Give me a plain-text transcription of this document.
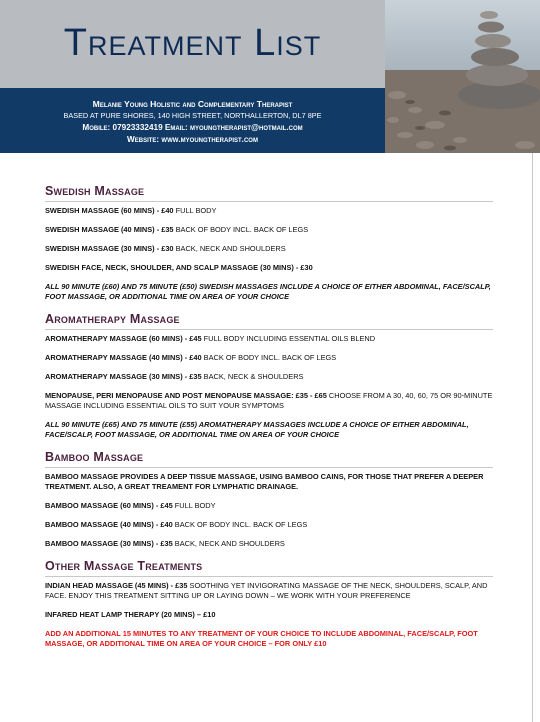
Treatment List
Melanie Young Holistic and Complementary Therapist
BASED AT PURE SHORES, 140 HIGH STREET, NORTHALLERTON, DL7 8PE
Mobile: 07923332419 Email: myoungtherapist@hotmail.com
Website: www.myoungtherapist.com
Swedish Massage

SWEDISH MASSAGE (60 MINS) - £40 FULL BODY

SWEDISH MASSAGE (40 MINS) - £35 BACK OF BODY INCL. BACK OF LEGS

SWEDISH MASSAGE (30 MINS) - £30 BACK, NECK AND SHOULDERS

SWEDISH FACE, NECK, SHOULDER, AND SCALP MASSAGE (30 MINS) - £30

ALL 90 MINUTE (£60) AND 75 MINUTE (£50) SWEDISH MASSAGES INCLUDE A CHOICE OF EITHER ABDOMINAL, FACE/SCALP, FOOT MASSAGE, OR ADDITIONAL TIME ON AREA OF YOUR CHOICE

Aromatherapy Massage

AROMATHERAPY MASSAGE (60 MINS) - £45 FULL BODY INCLUDING ESSENTIAL OILS BLEND

AROMATHERAPY MASSAGE (40 MINS) - £40 BACK OF BODY INCL. BACK OF LEGS

AROMATHERAPY MASSAGE (30 MINS) - £35 BACK, NECK & SHOULDERS

MENOPAUSE, PERI MENOPAUSE AND POST MENOPAUSE MASSAGE: £35 - £65 CHOOSE FROM A 30, 40, 60, 75 OR 90-MINUTE MASSAGE INCLUDING ESSENTIAL OILS TO SUIT YOUR SYMPTOMS

ALL 90 MINUTE (£65) AND 75 MINUTE (£55) AROMATHERAPY MASSAGES INCLUDE A CHOICE OF EITHER ABDOMINAL, FACE/SCALP, FOOT MASSAGE, OR ADDITIONAL TIME ON AREA OF YOUR CHOICE

Bamboo Massage

BAMBOO MASSAGE PROVIDES A DEEP TISSUE MASSAGE, USING BAMBOO CAINS, FOR THOSE THAT PREFER A DEEPER TREATMENT. ALSO, A GREAT TREAMENT FOR LYMPHATIC DRAINAGE.

BAMBOO MASSAGE (60 MINS) - £45 FULL BODY

BAMBOO MASSAGE (40 MINS) - £40 BACK OF BODY INCL. BACK OF LEGS

BAMBOO MASSAGE (30 MINS) - £35 BACK, NECK AND SHOULDERS

Other Massage Treatments

INDIAN HEAD MASSAGE (45 MINS) - £35 SOOTHING YET INVIGORATING MASSAGE OF THE NECK, SHOULDERS, SCALP, AND FACE. ENJOY THIS TREATMENT SITTING UP OR LAYING DOWN – WE WORK WITH YOUR PREFERENCE

INFARED HEAT LAMP THERAPY (20 MINS) – £10

ADD AN ADDITIONAL 15 MINUTES TO ANY TREATMENT OF YOUR CHOICE TO INCLUDE ABDOMINAL, FACE/SCALP, FOOT MASSAGE, OR ADDITIONAL TIME ON AREA OF YOUR CHOICE – FOR ONLY £10
